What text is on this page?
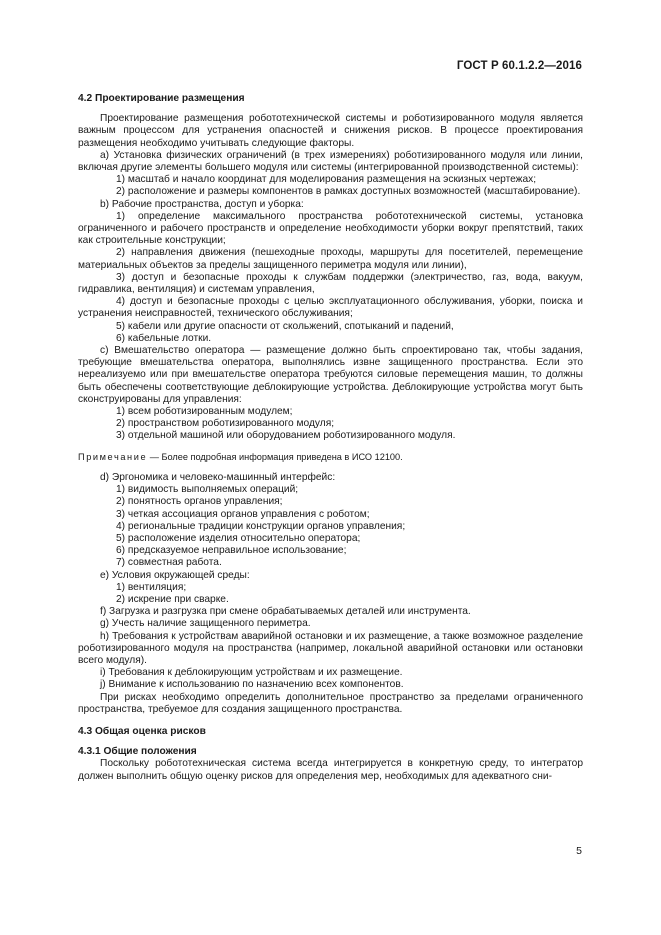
ГОСТ Р 60.1.2.2—2016

4.2 Проектирование размещения

Проектирование размещения робототехнической системы и роботизированного модуля является важным процессом для устранения опасностей и снижения рисков. В процессе проектирования размещения необходимо учитывать следующие факторы.

a) Установка физических ограничений (в трех измерениях) роботизированного модуля или линии, включая другие элементы большего модуля или системы (интегрированной производственной системы):

1) масштаб и начало координат для моделирования размещения на эскизных чертежах;

2) расположение и размеры компонентов в рамках доступных возможностей (масштабирование).

b) Рабочие пространства, доступ и уборка:

1) определение максимального пространства робототехнической системы, установка ограниченного и рабочего пространств и определение необходимости уборки вокруг препятствий, таких как строительные конструкции;

2) направления движения (пешеходные проходы, маршруты для посетителей, перемещение материальных объектов за пределы защищенного периметра модуля или линии),

3) доступ и безопасные проходы к службам поддержки (электричество, газ, вода, вакуум, гидравлика, вентиляция) и системам управления,

4) доступ и безопасные проходы с целью эксплуатационного обслуживания, уборки, поиска и устранения неисправностей, технического обслуживания;

5) кабели или другие опасности от скольжений, спотыканий и падений,

6) кабельные лотки.

c) Вмешательство оператора — размещение должно быть спроектировано так, чтобы задания, требующие вмешательства оператора, выполнялись извне защищенного пространства. Если это нереализуемо или при вмешательстве оператора требуются силовые перемещения машин, то должны быть обеспечены соответствующие деблокирующие устройства. Деблокирующие устройства могут быть сконструированы для управления:

1) всем роботизированным модулем;

2) пространством роботизированного модуля;

3) отдельной машиной или оборудованием роботизированного модуля.

Примечание — Более подробная информация приведена в ИСО 12100.

d) Эргономика и человеко-машинный интерфейс:

1) видимость выполняемых операций;

2) понятность органов управления;

3) четкая ассоциация органов управления с роботом;

4) региональные традиции конструкции органов управления;

5) расположение изделия относительно оператора;

6) предсказуемое неправильное использование;

7) совместная работа.

e) Условия окружающей среды:

1) вентиляция;

2) искрение при сварке.

f) Загрузка и разгрузка при смене обрабатываемых деталей или инструмента.

g) Учесть наличие защищенного периметра.

h) Требования к устройствам аварийной остановки и их размещение, а также возможное разделение роботизированного модуля на пространства (например, локальной аварийной остановки или остановки всего модуля).

i) Требования к деблокирующим устройствам и их размещение.

j) Внимание к использованию по назначению всех компонентов.

При рисках необходимо определить дополнительное пространство за пределами ограниченного пространства, требуемое для создания защищенного пространства.

4.3 Общая оценка рисков

4.3.1 Общие положения

Поскольку робототехническая система всегда интегрируется в конкретную среду, то интегратор должен выполнить общую оценку рисков для определения мер, необходимых для адекватного сни-

5
